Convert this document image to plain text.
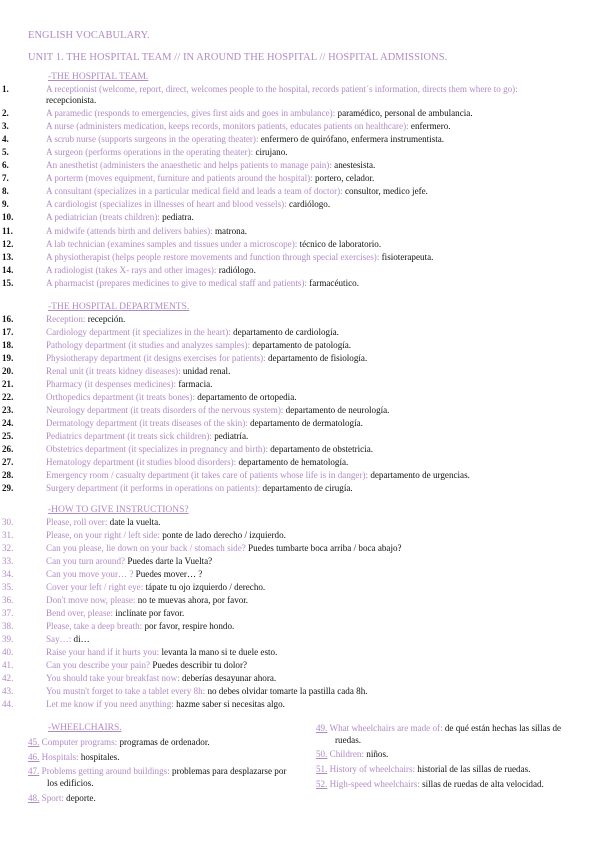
ENGLISH VOCABULARY.
UNIT 1. THE HOSPITAL TEAM // IN AROUND THE HOSPITAL // HOSPITAL ADMISSIONS.
-THE HOSPITAL TEAM.
1.	A receptionist (welcome, report, direct, welcomes people to the hospital, records patient´s information, directs them where to go): recepcionista.
2.	A paramedic (responds to emergencies, gives first aids and goes in ambulance): paramédico, personal de ambulancia.
3.	A nurse (administers medication, keeps records, monitors patients, educates patients on healthcare): enfermero.
4.	A scrub nurse (supports surgeons in the operating theater): enfermero de quirófano, enfermera instrumentista.
5.	A surgeon (performs operations in the operating theater): cirujano.
6.	An anesthetist (administers the anaesthetic and helps patients to manage pain): anestesista.
7.	A porterm (moves equipment, furniture and patients around the hospital): portero, celador.
8.	A consultant (specializes in a particular medical field and leads a team of doctor): consultor, medico jefe.
9.	A cardiologist (specializes in illnesses of heart and blood vessels): cardiólogo.
10.	A pediatrician (treats children): pediatra.
11.	A midwife (attends birth and delivers babies): matrona.
12.	A lab technician (examines samples and tissues under a microscope): técnico de laboratorio.
13.	A physiotherapist (helps people restore movements and function through special exercises): fisioterapeuta.
14.	A radiologist (takes X- rays and other images): radiólogo.
15.	A pharmacist (prepares medicines to give to medical staff and patients): farmacéutico.
-THE HOSPITAL DEPARTMENTS.
16.	Reception: recepción.
17.	Cardiology department (it specializes in the heart): departamento de cardiología.
18.	Pathology department (it studies and analyzes samples): departamento de patología.
19.	Physiotherapy department (it designs exercises for patients): departamento de fisiología.
20.	Renal unit (it treats kidney diseases): unidad renal.
21.	Pharmacy (it despenses medicines): farmacia.
22.	Orthopedics department (it treats bones): departamento de ortopedia.
23.	Neurology department (it treats disorders of the nervous system): departamento de neurología.
24.	Dermatology department (it treats diseases of the skin): departamento de dermatología.
25.	Pediatrics department (it treats sick children): pediatría.
26.	Obstetrics department (it specializes in pregnancy and birth): departamento de obstetricia.
27.	Hematology department (it studies blood disorders): departamento de hematología.
28.	Emergency room / casualty department (it takes care of patients whose life is in danger): departamento de urgencias.
29.	Surgery department (it performs in operations on patients): departamento de cirugía.
-HOW TO GIVE INSTRUCTIONS?
30.	Please, roll over: date la vuelta.
31.	Please, on your right / left side: ponte de lado derecho / izquierdo.
32.	Can you please, lie down on your back / stomach side? Puedes tumbarte boca arriba / boca abajo?
33.	Can you turn around? Puedes darte la Vuelta?
34.	Can you move your… ? Puedes mover… ?
35.	Cover your left / right eye: tápate tu ojo izquierdo / derecho.
36.	Don't move now, please: no te muevas ahora, por favor.
37.	Bend over, please: inclínate por favor.
38.	Please, take a deep breath: por favor, respire hondo.
39.	Say…: di…
40.	Raise your hand if it hurts you: levanta la mano si te duele esto.
41.	Can you describe your pain? Puedes describir tu dolor?
42.	You should take your breakfast now: deberías desayunar ahora.
43.	You mustn't forget to take a tablet every 8h: no debes olvidar tomarte la pastilla cada 8h.
44.	Let me know if you need anything: hazme saber si necesitas algo.
-WHEELCHAIRS.
45. Computer programs: programas de ordenador.
46. Hospitals: hospitales.
47. Problems getting around buildings: problemas para desplazarse por los edificios.
48. Sport: deporte.
49. What wheelchairs are made of: de qué están hechas las sillas de ruedas.
50. Children: niños.
51. History of wheelchairs: historial de las sillas de ruedas.
52. High-speed wheelchairs: sillas de ruedas de alta velocidad.
